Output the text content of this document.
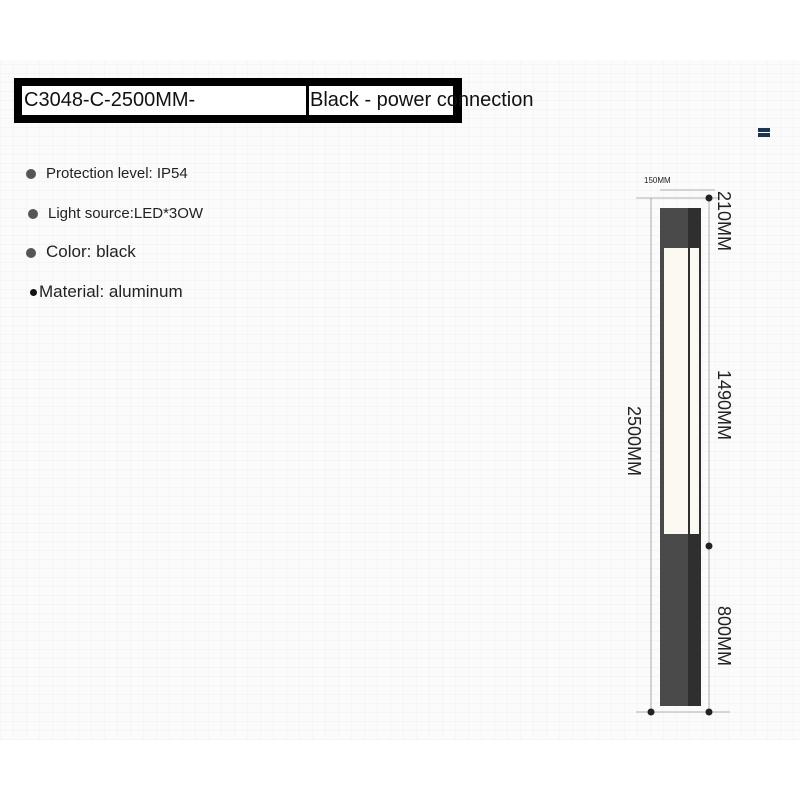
C3048-C-2500MM-	Black - power connection
Protection level: IP54
Light source:LED*3OW
Color: black
Material: aluminum
150MM
210MM
1490MM
800MM
2500MM
